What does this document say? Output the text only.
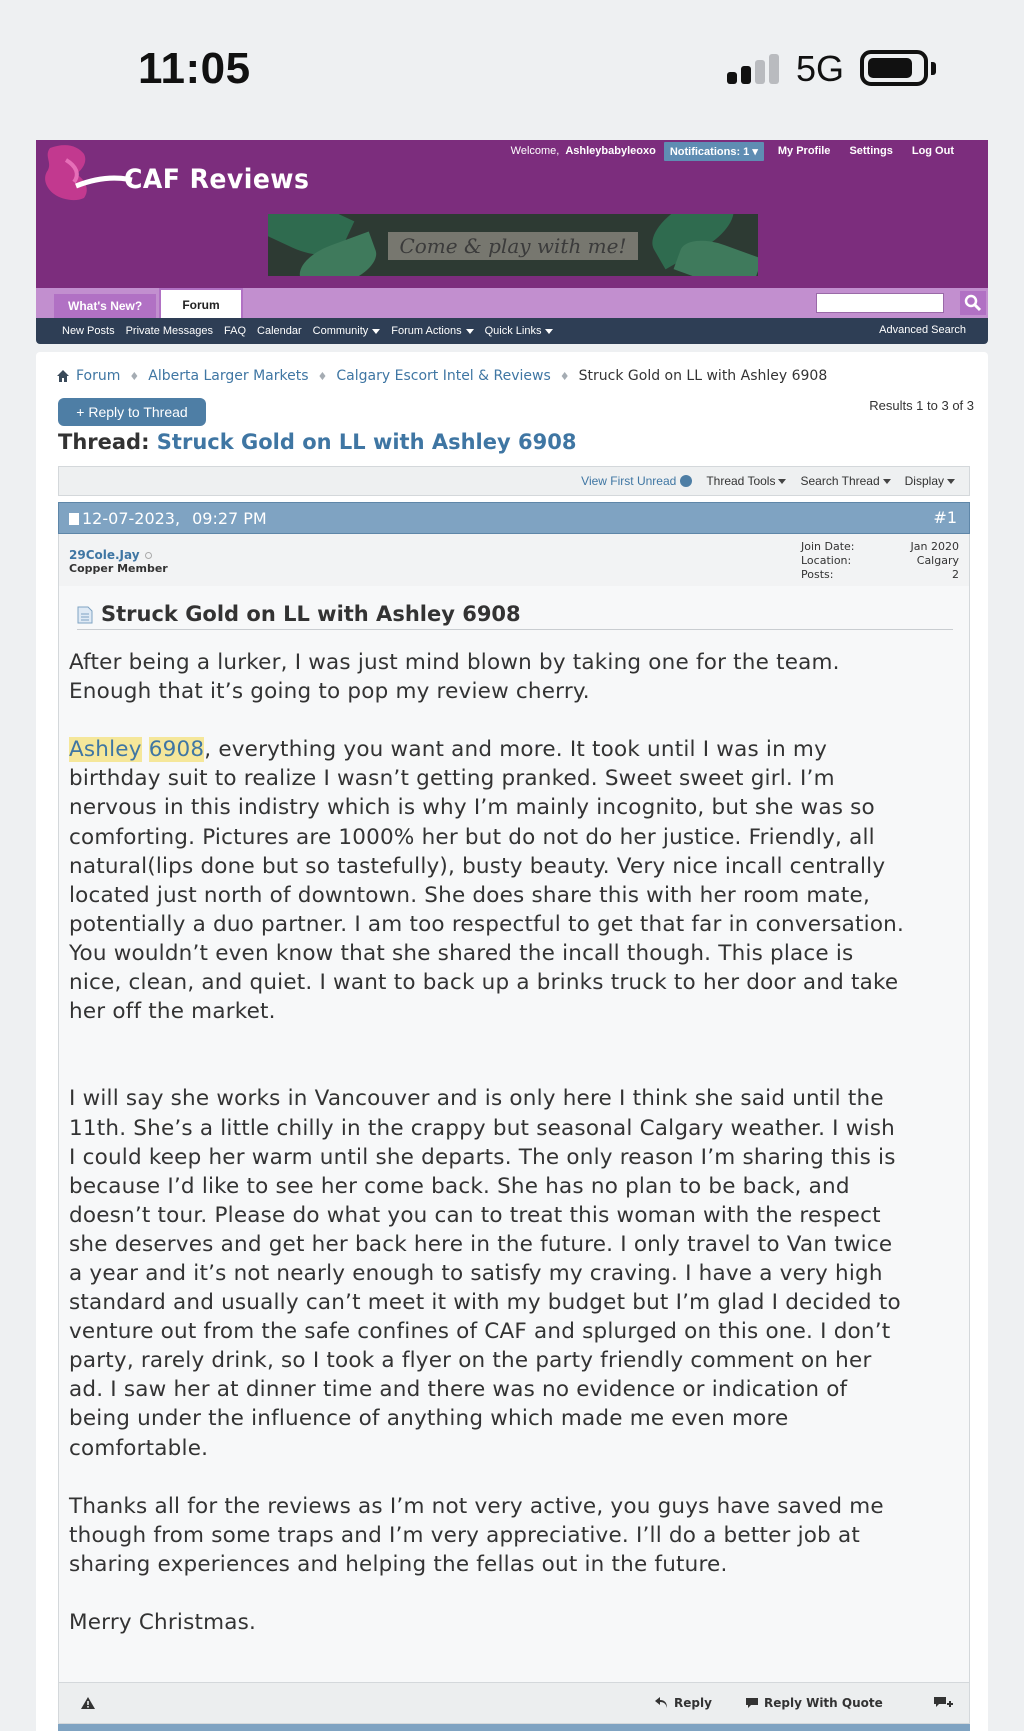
11:05	5G
CAF Reviews
Welcome, Ashleybabyleoxo	Notifications: 1 ▾	My Profile Settings Log Out
Come & play with me!
What's New?	Forum
New Posts Private Messages FAQ Calendar Community Forum Actions Quick Links	Advanced Search
Forum ♦ Alberta Larger Markets ♦ Calgary Escort Intel & Reviews ♦ Struck Gold on LL with Ashley 6908
+ Reply to Thread	Results 1 to 3 of 3
Thread: Struck Gold on LL with Ashley 6908
View First Unread	Thread Tools Search Thread Display
12-07-2023, 09:27 PM	#1
29Cole.Jay
Copper Member
Join Date:	Jan 2020
Location:	Calgary
Posts:	2
Struck Gold on LL with Ashley 6908

After being a lurker, I was just mind blown by taking one for the team.

Enough that it’s going to pop my review cherry.

Ashley 6908, everything you want and more. It took until I was in my

birthday suit to realize I wasn’t getting pranked. Sweet sweet girl. I’m

nervous in this indistry which is why I’m mainly incognito, but she was so

comforting. Pictures are 1000% her but do not do her justice. Friendly, all

natural(lips done but so tastefully), busty beauty. Very nice incall centrally

located just north of downtown. She does share this with her room mate,

potentially a duo partner. I am too respectful to get that far in conversation.

You wouldn’t even know that she shared the incall though. This place is

nice, clean, and quiet. I want to back up a brinks truck to her door and take

her off the market.

I will say she works in Vancouver and is only here I think she said until the

11th. She’s a little chilly in the crappy but seasonal Calgary weather. I wish

I could keep her warm until she departs. The only reason I’m sharing this is

because I’d like to see her come back. She has no plan to be back, and

doesn’t tour. Please do what you can to treat this woman with the respect

she deserves and get her back here in the future. I only travel to Van twice

a year and it’s not nearly enough to satisfy my craving. I have a very high

standard and usually can’t meet it with my budget but I’m glad I decided to

venture out from the safe confines of CAF and splurged on this one. I don’t

party, rarely drink, so I took a flyer on the party friendly comment on her

ad. I saw her at dinner time and there was no evidence or indication of

being under the influence of anything which made me even more

comfortable.

Thanks all for the reviews as I’m not very active, you guys have saved me

though from some traps and I’m very appreciative. I’ll do a better job at

sharing experiences and helping the fellas out in the future.

Merry Christmas.

Reply	Reply With Quote
